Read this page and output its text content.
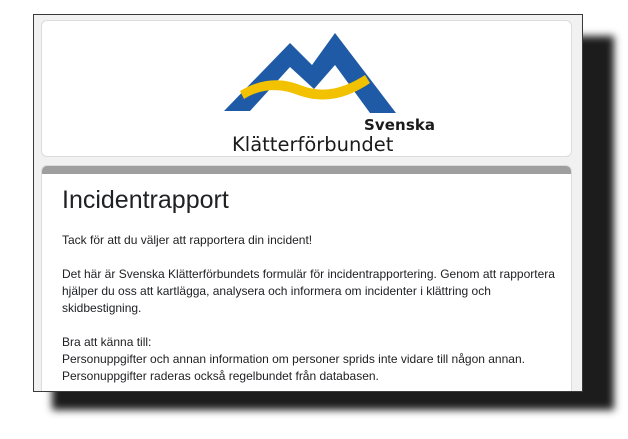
Svenska
Klätterförbundet
Incidentrapport

Tack för att du väljer att rapportera din incident!

Det här är Svenska Klätterförbundets formulär för incidentrapportering. Genom att rapportera hjälper du oss att kartlägga, analysera och informera om incidenter i klättring och skidbestigning.

Bra att känna till:

Personuppgifter och annan information om personer sprids inte vidare till någon annan.

Personuppgifter raderas också regelbundet från databasen.
